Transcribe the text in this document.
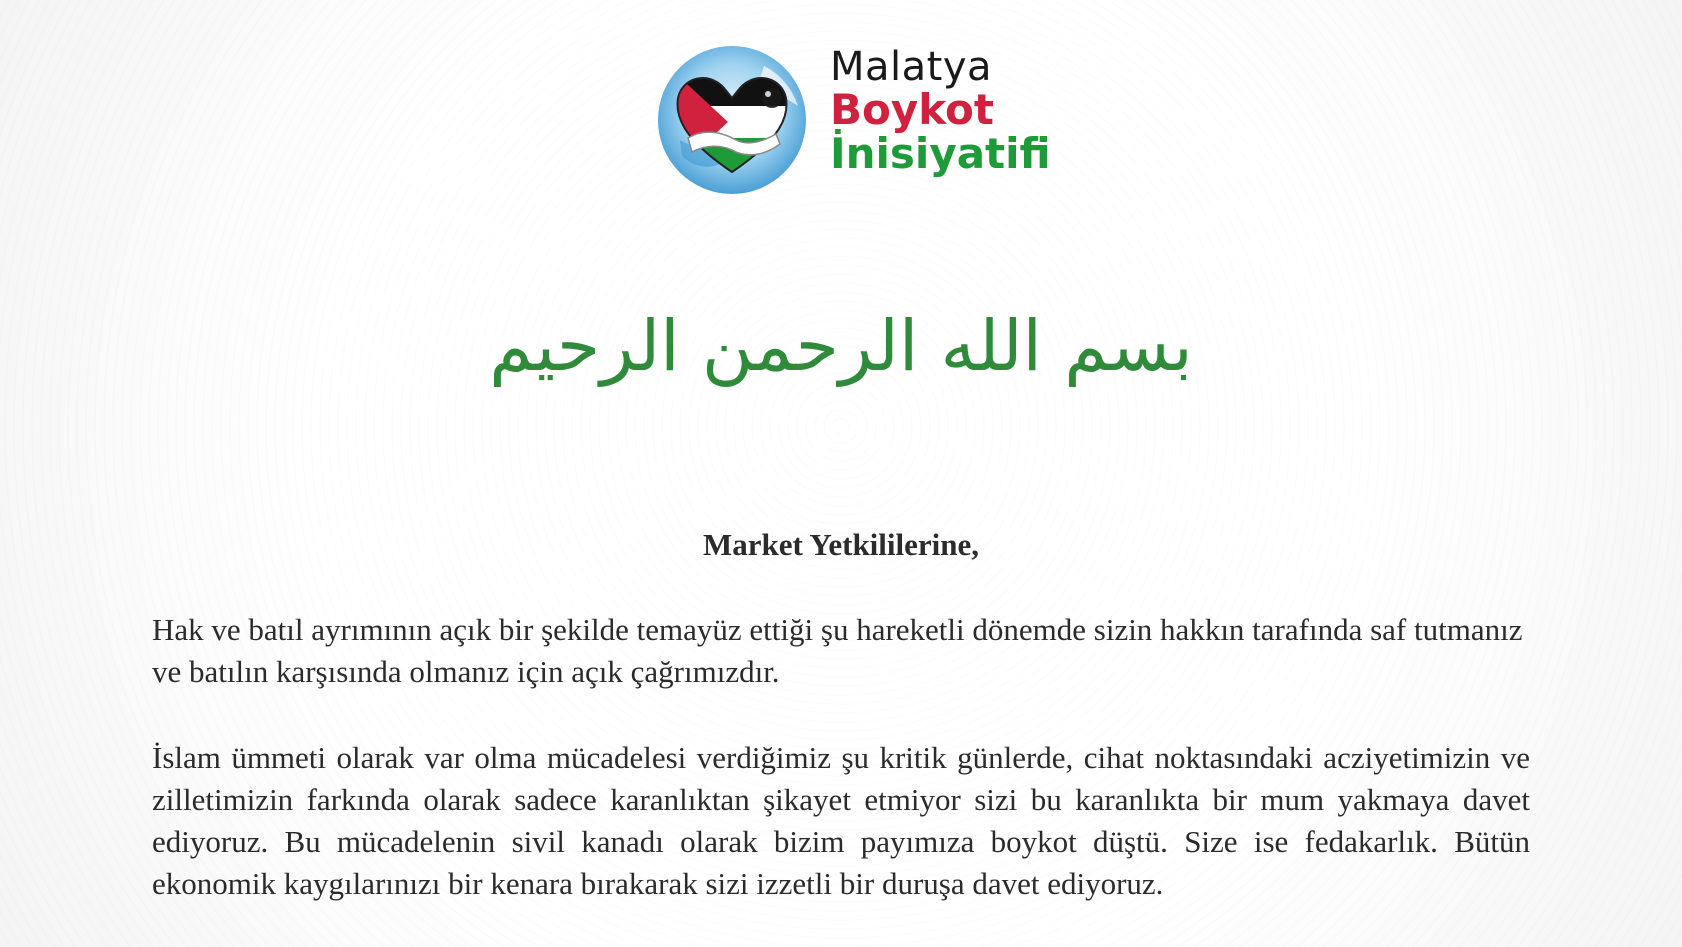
Malatya
Boykot
İnisiyatifi
بسم الله الرحمن الرحيم
Market Yetkililerine,

Hak ve batıl ayrımının açık bir şekilde temayüz ettiği şu hareketli dönemde sizin hakkın tarafında saf tutmanız ve batılın karşısında olmanız için açık çağrımızdır.

İslam ümmeti olarak var olma mücadelesi verdiğimiz şu kritik günlerde, cihat noktasındaki acziyetimizin ve zilletimizin farkında olarak sadece karanlıktan şikayet etmiyor sizi bu karanlıkta bir mum yakmaya davet ediyoruz. Bu mücadelenin sivil kanadı olarak bizim payımıza boykot düştü. Size ise fedakarlık. Bütün ekonomik kaygılarınızı bir kenara bırakarak sizi izzetli bir duruşa davet ediyoruz.
